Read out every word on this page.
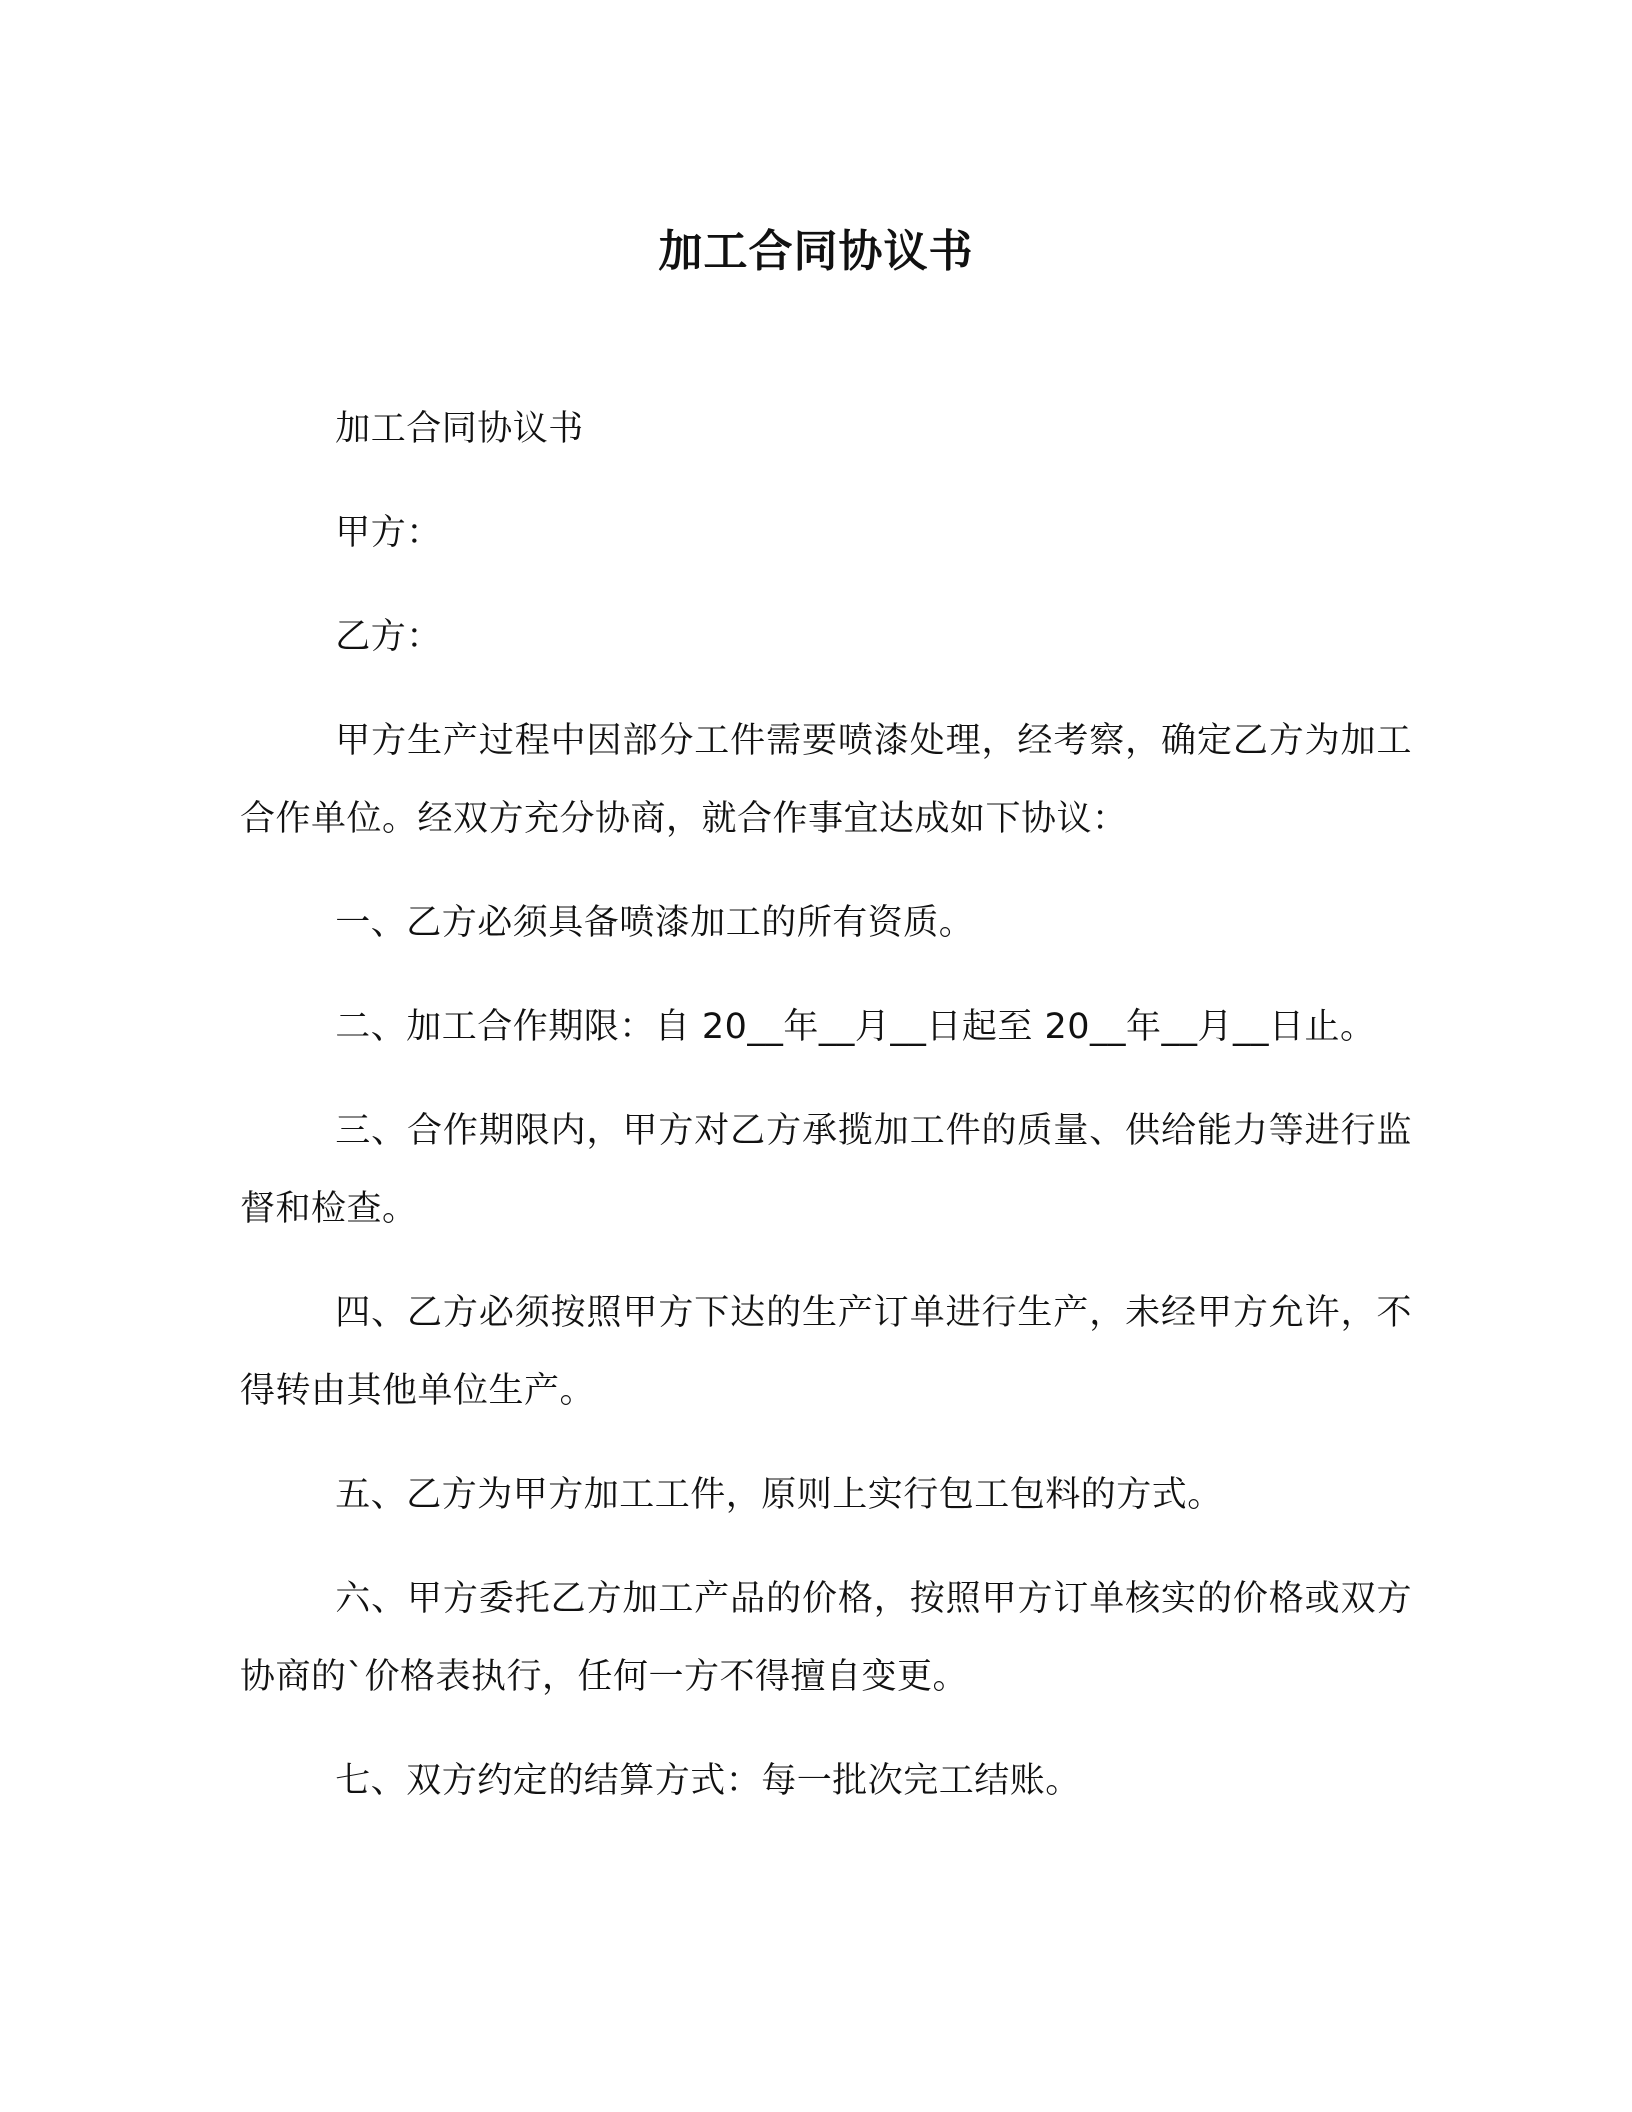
加工合同协议书

加工合同协议书

甲方：

乙方：

甲方生产过程中因部分工件需要喷漆处理，经考察，确定乙方为加工合作单位。经双方充分协商，就合作事宜达成如下协议：

一、乙方必须具备喷漆加工的所有资质。

二、加工合作期限：自 20__年__月__日起至 20__年__月__日止。

三、合作期限内，甲方对乙方承揽加工件的质量、供给能力等进行监督和检查。

四、乙方必须按照甲方下达的生产订单进行生产，未经甲方允许，不得转由其他单位生产。

五、乙方为甲方加工工件，原则上实行包工包料的方式。

六、甲方委托乙方加工产品的价格，按照甲方订单核实的价格或双方协商的`价格表执行，任何一方不得擅自变更。

七、双方约定的结算方式：每一批次完工结账。
